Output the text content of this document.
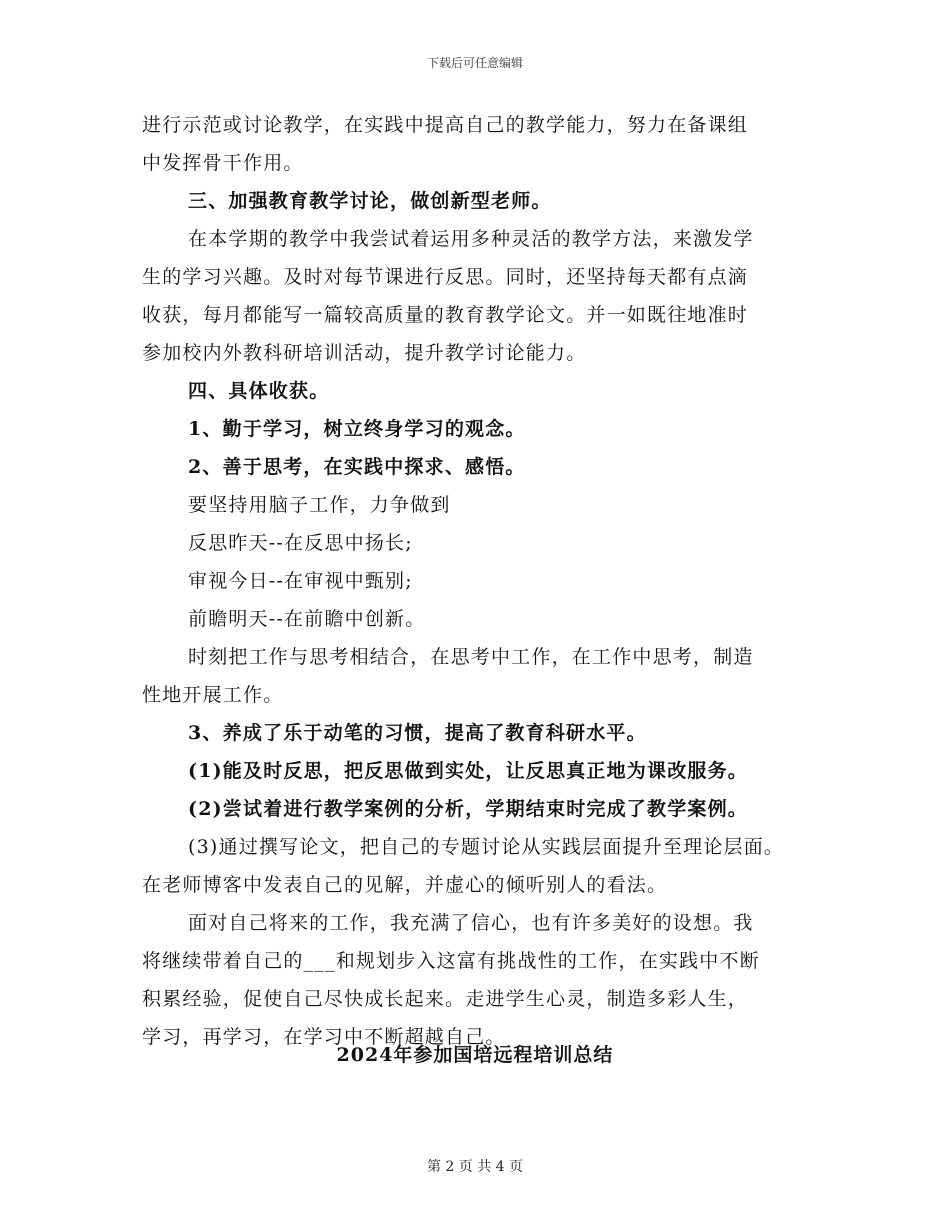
下载后可任意编辑
进行示范或讨论教学，在实践中提高自己的教学能力，努力在备课组
中发挥骨干作用。
三、加强教育教学讨论，做创新型老师。
在本学期的教学中我尝试着运用多种灵活的教学方法，来激发学
生的学习兴趣。及时对每节课进行反思。同时，还坚持每天都有点滴
收获，每月都能写一篇较高质量的教育教学论文。并一如既往地准时
参加校内外教科研培训活动，提升教学讨论能力。
四、具体收获。
1、勤于学习，树立终身学习的观念。
2、善于思考，在实践中探求、感悟。
要坚持用脑子工作，力争做到
反思昨天--在反思中扬长;
审视今日--在审视中甄别;
前瞻明天--在前瞻中创新。
时刻把工作与思考相结合，在思考中工作，在工作中思考，制造
性地开展工作。
3、养成了乐于动笔的习惯，提高了教育科研水平。
(1)能及时反思，把反思做到实处，让反思真正地为课改服务。
(2)尝试着进行教学案例的分析，学期结束时完成了教学案例。
(3)通过撰写论文，把自己的专题讨论从实践层面提升至理论层面。
在老师博客中发表自己的见解，并虚心的倾听别人的看法。
面对自己将来的工作，我充满了信心，也有许多美好的设想。我
将继续带着自己的___和规划步入这富有挑战性的工作，在实践中不断
积累经验，促使自己尽快成长起来。走进学生心灵，制造多彩人生，
学习，再学习，在学习中不断超越自己。
2024年参加国培远程培训总结
第 2 页 共 4 页
